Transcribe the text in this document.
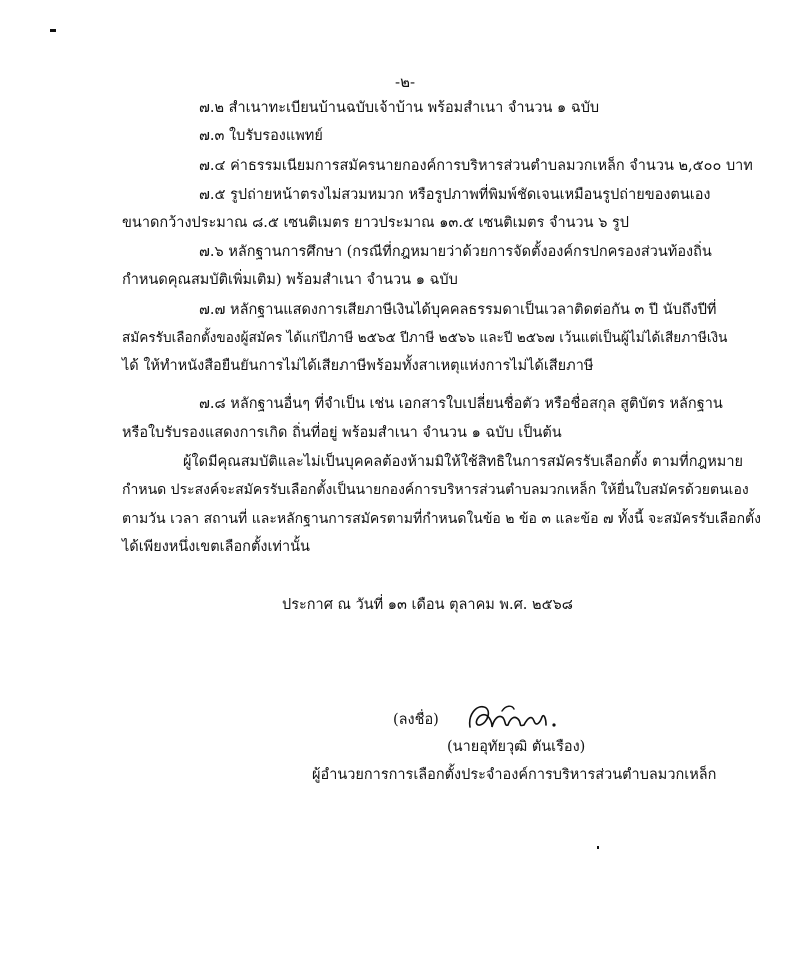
-๒-
๗.๒ สำเนาทะเบียนบ้านฉบับเจ้าบ้าน พร้อมสำเนา จำนวน ๑ ฉบับ
๗.๓ ใบรับรองแพทย์
๗.๔ ค่าธรรมเนียมการสมัครนายกองค์การบริหารส่วนตำบลมวกเหล็ก จำนวน ๒,๕๐๐ บาท
๗.๕ รูปถ่ายหน้าตรงไม่สวมหมวก หรือรูปภาพที่พิมพ์ชัดเจนเหมือนรูปถ่ายของตนเอง
ขนาดกว้างประมาณ ๘.๕ เซนติเมตร ยาวประมาณ ๑๓.๕ เซนติเมตร จำนวน ๖ รูป
๗.๖ หลักฐานการศึกษา (กรณีที่กฎหมายว่าด้วยการจัดตั้งองค์กรปกครองส่วนท้องถิ่น
กำหนดคุณสมบัติเพิ่มเติม) พร้อมสำเนา จำนวน ๑ ฉบับ
๗.๗ หลักฐานแสดงการเสียภาษีเงินได้บุคคลธรรมดาเป็นเวลาติดต่อกัน ๓ ปี นับถึงปีที่
สมัครรับเลือกตั้งของผู้สมัคร ได้แก่ปีภาษี ๒๕๖๕ ปีภาษี ๒๕๖๖ และปี ๒๕๖๗ เว้นแต่เป็นผู้ไม่ได้เสียภาษีเงิน
ได้ ให้ทำหนังสือยืนยันการไม่ได้เสียภาษีพร้อมทั้งสาเหตุแห่งการไม่ได้เสียภาษี
๗.๘ หลักฐานอื่นๆ ที่จำเป็น เช่น เอกสารใบเปลี่ยนชื่อตัว หรือชื่อสกุล สูติบัตร หลักฐาน
หรือใบรับรองแสดงการเกิด ถิ่นที่อยู่ พร้อมสำเนา จำนวน ๑ ฉบับ เป็นต้น
ผู้ใดมีคุณสมบัติและไม่เป็นบุคคลต้องห้ามมิให้ใช้สิทธิในการสมัครรับเลือกตั้ง ตามที่กฎหมาย
กำหนด ประสงค์จะสมัครรับเลือกตั้งเป็นนายกองค์การบริหารส่วนตำบลมวกเหล็ก ให้ยื่นใบสมัครด้วยตนเอง
ตามวัน เวลา สถานที่ และหลักฐานการสมัครตามที่กำหนดในข้อ ๒ ข้อ ๓ และข้อ ๗ ทั้งนี้ จะสมัครรับเลือกตั้ง
ได้เพียงหนึ่งเขตเลือกตั้งเท่านั้น
ประกาศ ณ วันที่ ๑๓ เดือน ตุลาคม พ.ศ. ๒๕๖๘
(ลงชื่อ)
(นายอุทัยวุฒิ ตันเรือง)
ผู้อำนวยการการเลือกตั้งประจำองค์การบริหารส่วนตำบลมวกเหล็ก
